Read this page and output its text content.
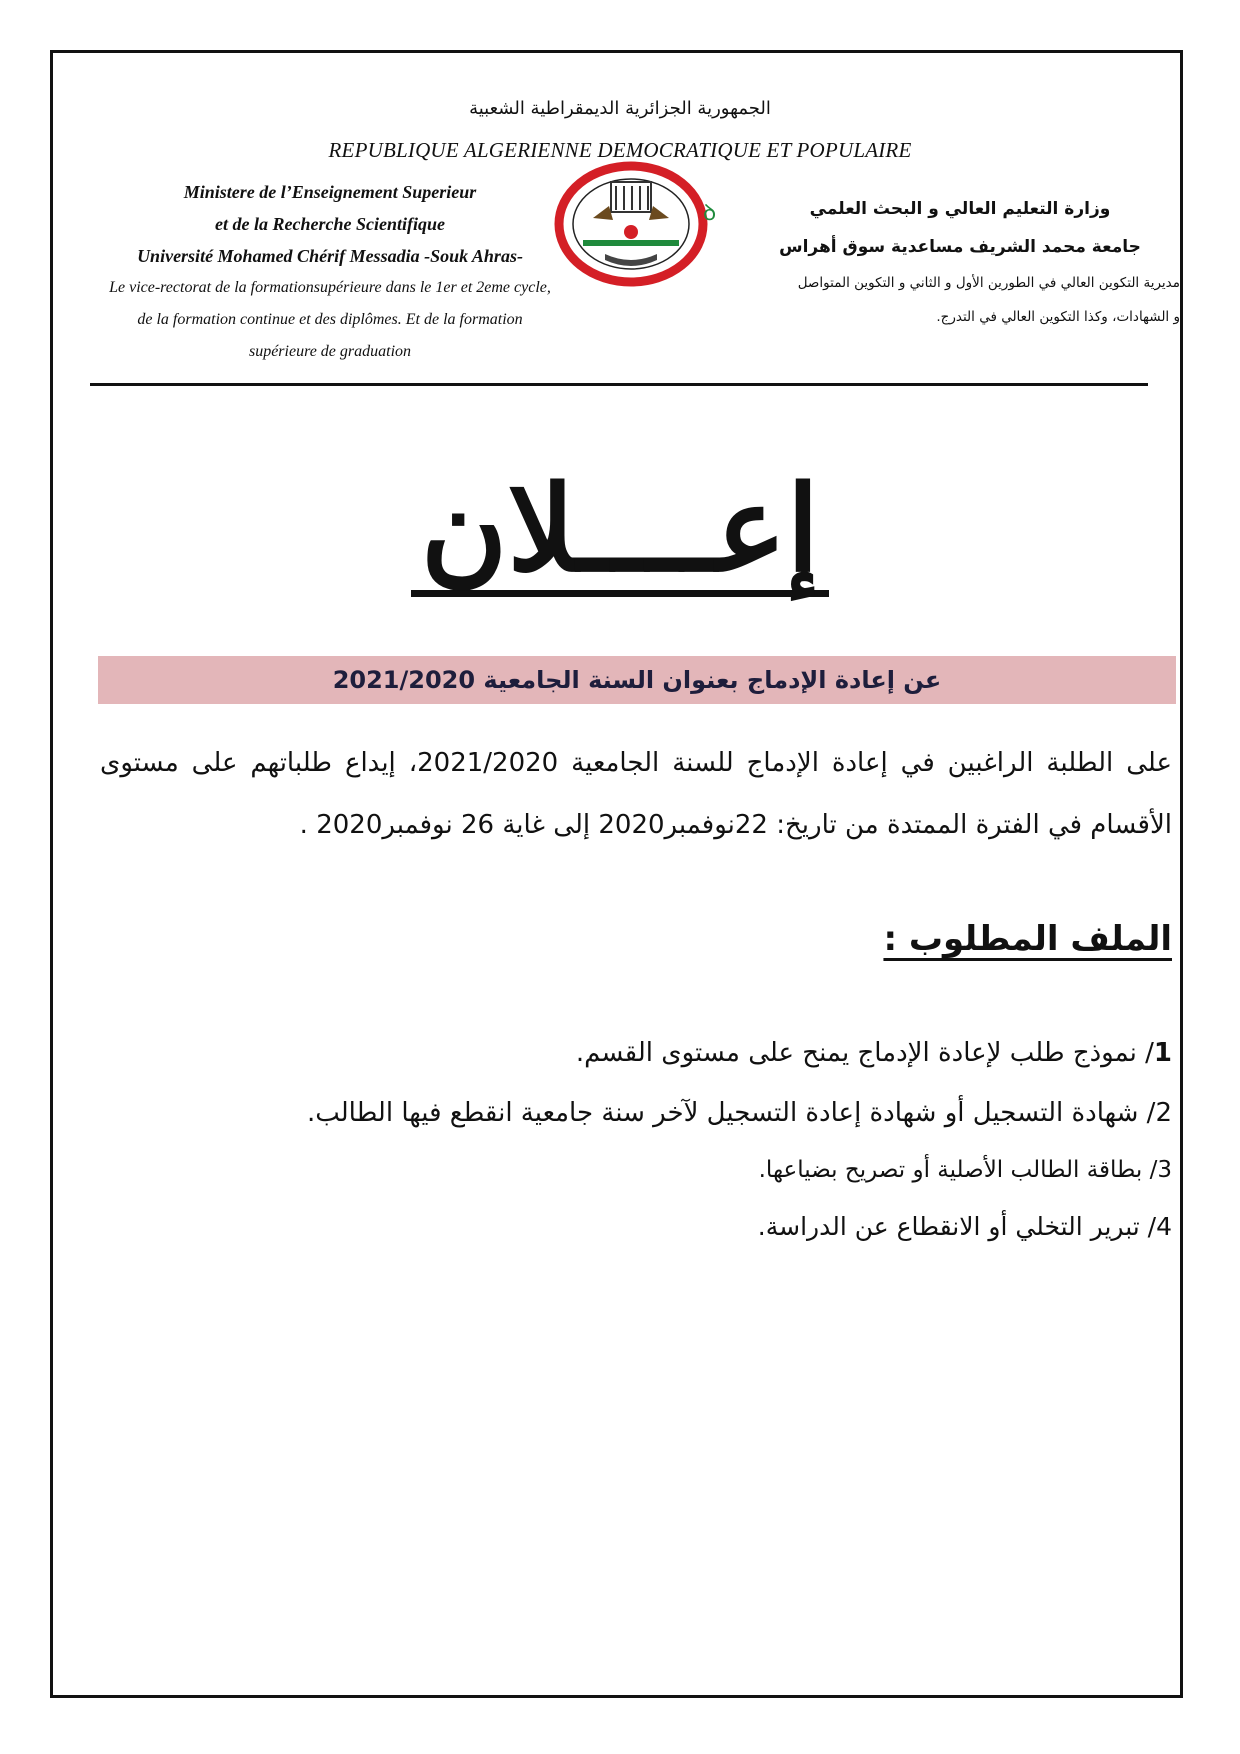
الجمهورية الجزائرية الديمقراطية الشعبية
REPUBLIQUE ALGERIENNE DEMOCRATIQUE ET POPULAIRE
Ministere de l’Enseignement Superieur
et de la Recherche Scientifique
Université Mohamed Chérif Messadia -Souk Ahras-
Le vice-rectorat de la formationsupérieure dans le 1er et 2eme cycle,
de la formation continue et des diplômes. Et de la formation
supérieure de graduation
ꝺ	وزارة التعليم العالي و البحث العلمي
جامعة محمد الشريف مساعدية سوق أهراس
مديرية التكوين العالي في الطورين الأول و الثاني و التكوين المتواصل
و الشهادات، وكذا التكوين العالي في التدرج.
إعــــلان
عن إعادة الإدماج بعنوان السنة الجامعية 2021/2020
على الطلبة الراغبين في إعادة الإدماج للسنة الجامعية 2021/2020، إيداع طلباتهم على مستوى الأقسام في الفترة الممتدة من تاريخ: 22نوفمبر2020 إلى غاية 26 نوفمبر2020 .
الملف المطلوب :
1/ نموذج طلب لإعادة الإدماج يمنح على مستوى القسم.
2/ شهادة التسجيل أو شهادة إعادة التسجيل لآخر سنة جامعية انقطع فيها الطالب.
3/ بطاقة الطالب الأصلية أو تصريح بضياعها.
4/ تبرير التخلي أو الانقطاع عن الدراسة.
